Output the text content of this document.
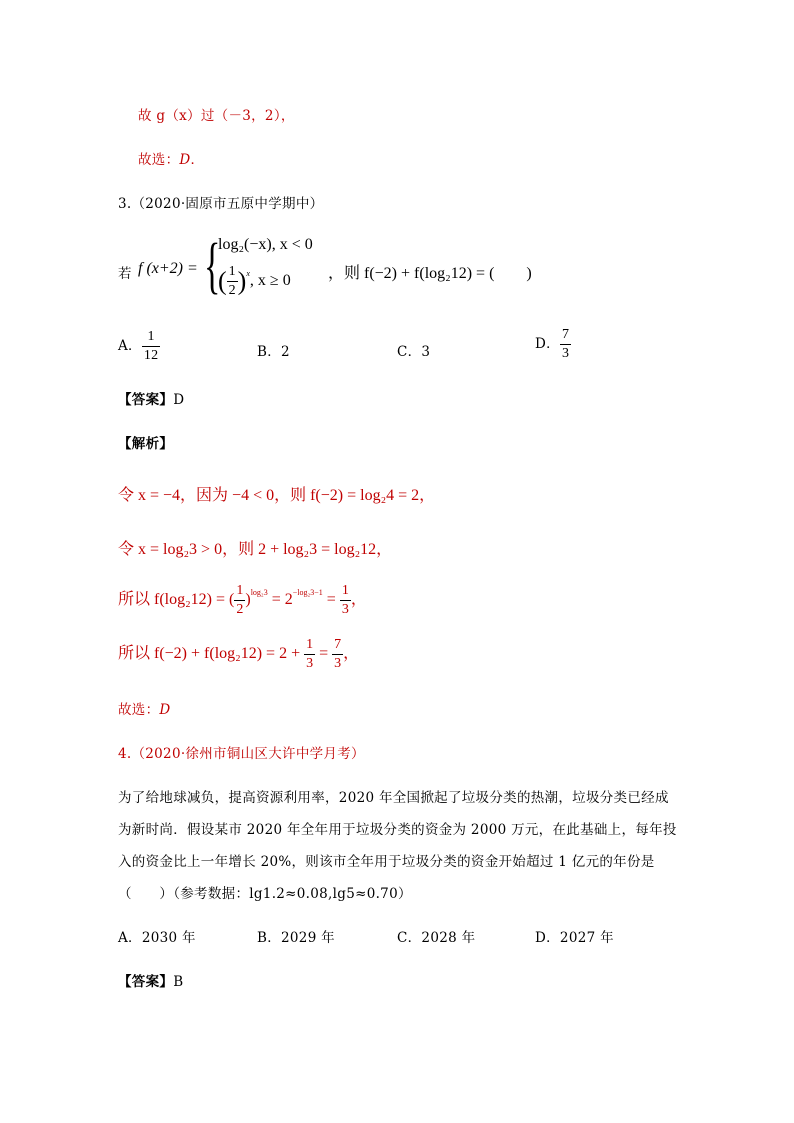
故 g（x）过（－3，2），
故选：D．
3.（2020·固原市五原中学期中）
若 f (x+2) = {
log₂(−x), x < 0
( $\frac{1}{2} )^x$, x ≥ 0 ，则 f(−2) + f(log₂12) = (　　)
A． $\frac{1}{12}$	B．2	C．3	D． $\frac{7}{3}$
【答案】D
【解析】
令 x = −4，因为 −4 < 0，则 f(−2) = log₂4 = 2，
令 x = log₂3 > 0，则 2 + log₂3 = log₂12，
所以 f(log₂12) = ( $\frac{1}{2} )^{log_23} = 2^{-log_23-1} = \frac{1}{3}$ ，
所以 $f(-2) + f(\log_212) = 2 + \frac{1}{3} = \frac{7}{3}$ ，
故选：D
4.（2020·徐州市铜山区大许中学月考）
为了给地球减负，提高资源利用率，2020 年全国掀起了垃圾分类的热潮，垃圾分类已经成
为新时尚．假设某市 2020 年全年用于垃圾分类的资金为 2000 万元，在此基础上，每年投
入的资金比上一年增长 20%，则该市全年用于垃圾分类的资金开始超过 1 亿元的年份是
（　　）（参考数据：lg1.2≈0.08,lg5≈0.70）
A．2030 年	B．2029 年	C．2028 年	D．2027 年
【答案】B
